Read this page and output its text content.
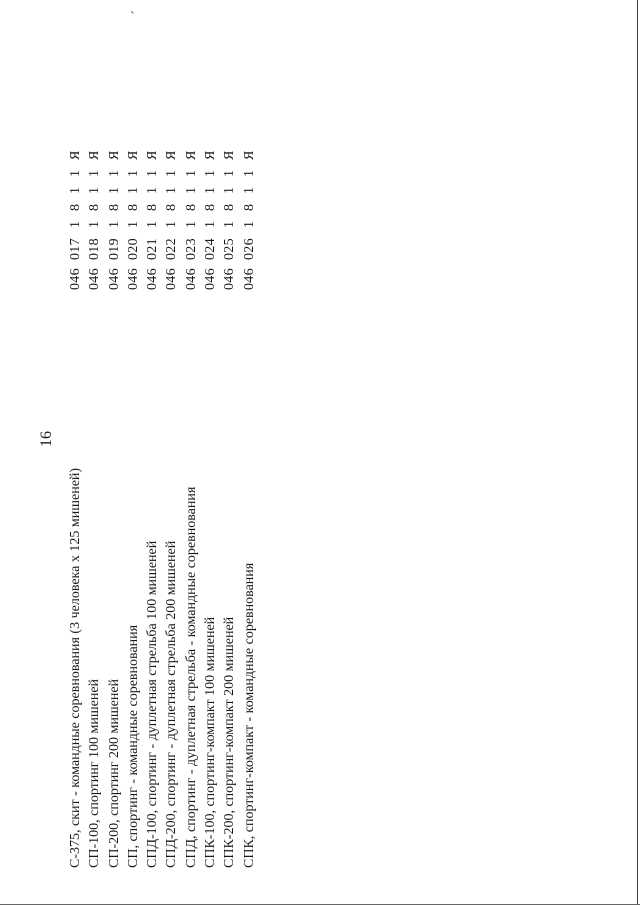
ˋ
16
С-375, скит - командные соревнования (3 человека х 125 мишеней)
0460171811Я
СП-100, спортинг 100 мишеней
0460181811Я
СП-200, спортинг 200 мишеней
0460191811Я
СП, спортинг - командные соревнования
0460201811Я
СПД-100, спортинг - дуплетная стрельба 100 мишеней
0460211811Я
СПД-200, спортинг - дуплетная стрельба 200 мишеней
0460221811Я
СПД, спортинг - дуплетная стрельба - командные соревнования
0460231811Я
СПК-100, спортинг-компакт 100 мишеней
0460241811Я
СПК-200, спортинг-компакт 200 мишеней
0460251811Я
СПК, спортинг-компакт - командные соревнования
0460261811Я
